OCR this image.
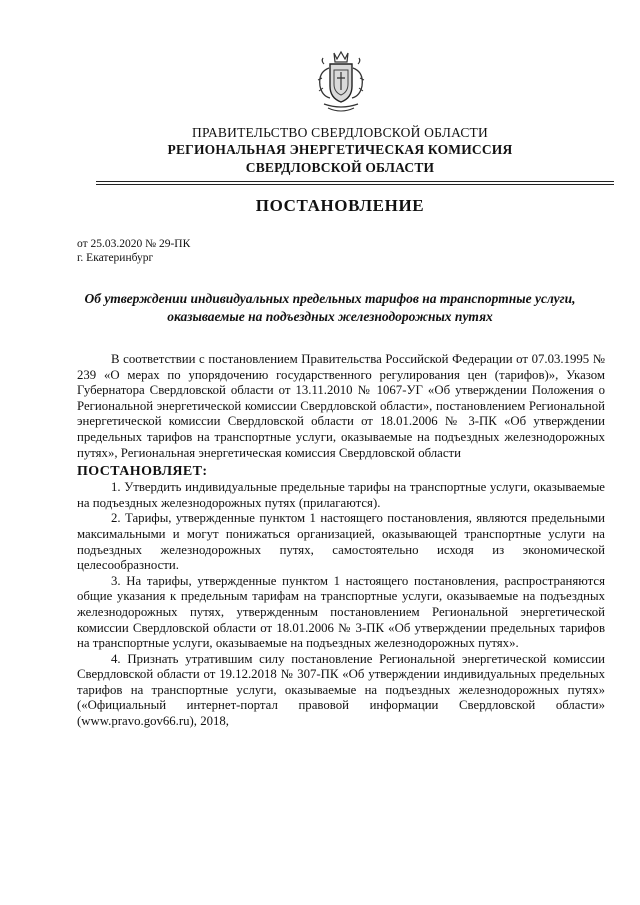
ПРАВИТЕЛЬСТВО СВЕРДЛОВСКОЙ ОБЛАСТИ

РЕГИОНАЛЬНАЯ ЭНЕРГЕТИЧЕСКАЯ КОМИССИЯ

СВЕРДЛОВСКОЙ ОБЛАСТИ

ПОСТАНОВЛЕНИЕ

от 25.03.2020 № 29-ПК
г. Екатеринбург

Об утверждении индивидуальных предельных тарифов на транспортные услуги, оказываемые на подъездных железнодорожных путях

В соответствии с постановлением Правительства Российской Федерации от 07.03.1995 № 239 «О мерах по упорядочению государственного регулирования цен (тарифов)», Указом Губернатора Свердловской области от 13.11.2010 № 1067-УГ «Об утверждении Положения о Региональной энергетической комиссии Свердловской области», постановлением Региональной энергетической комиссии Свердловской области от 18.01.2006 № 3-ПК «Об утверждении предельных тарифов на транспортные услуги, оказываемые на подъездных железнодорожных путях», Региональная энергетическая комиссия Свердловской области

ПОСТАНОВЛЯЕТ:

1. Утвердить индивидуальные предельные тарифы на транспортные услуги, оказываемые на подъездных железнодорожных путях (прилагаются).

2. Тарифы, утвержденные пунктом 1 настоящего постановления, являются предельными максимальными и могут понижаться организацией, оказывающей транспортные услуги на подъездных железнодорожных путях, самостоятельно исходя из экономической целесообразности.

3. На тарифы, утвержденные пунктом 1 настоящего постановления, распространяются общие указания к предельным тарифам на транспортные услуги, оказываемые на подъездных железнодорожных путях, утвержденным постановлением Региональной энергетической комиссии Свердловской области от 18.01.2006 № 3-ПК «Об утверждении предельных тарифов на транспортные услуги, оказываемые на подъездных железнодорожных путях».

4. Признать утратившим силу постановление Региональной энергетической комиссии Свердловской области от 19.12.2018 № 307-ПК «Об утверждении индивидуальных предельных тарифов на транспортные услуги, оказываемые на подъездных железнодорожных путях» («Официальный интернет-портал правовой информации Свердловской области» (www.pravo.gov66.ru), 2018,
